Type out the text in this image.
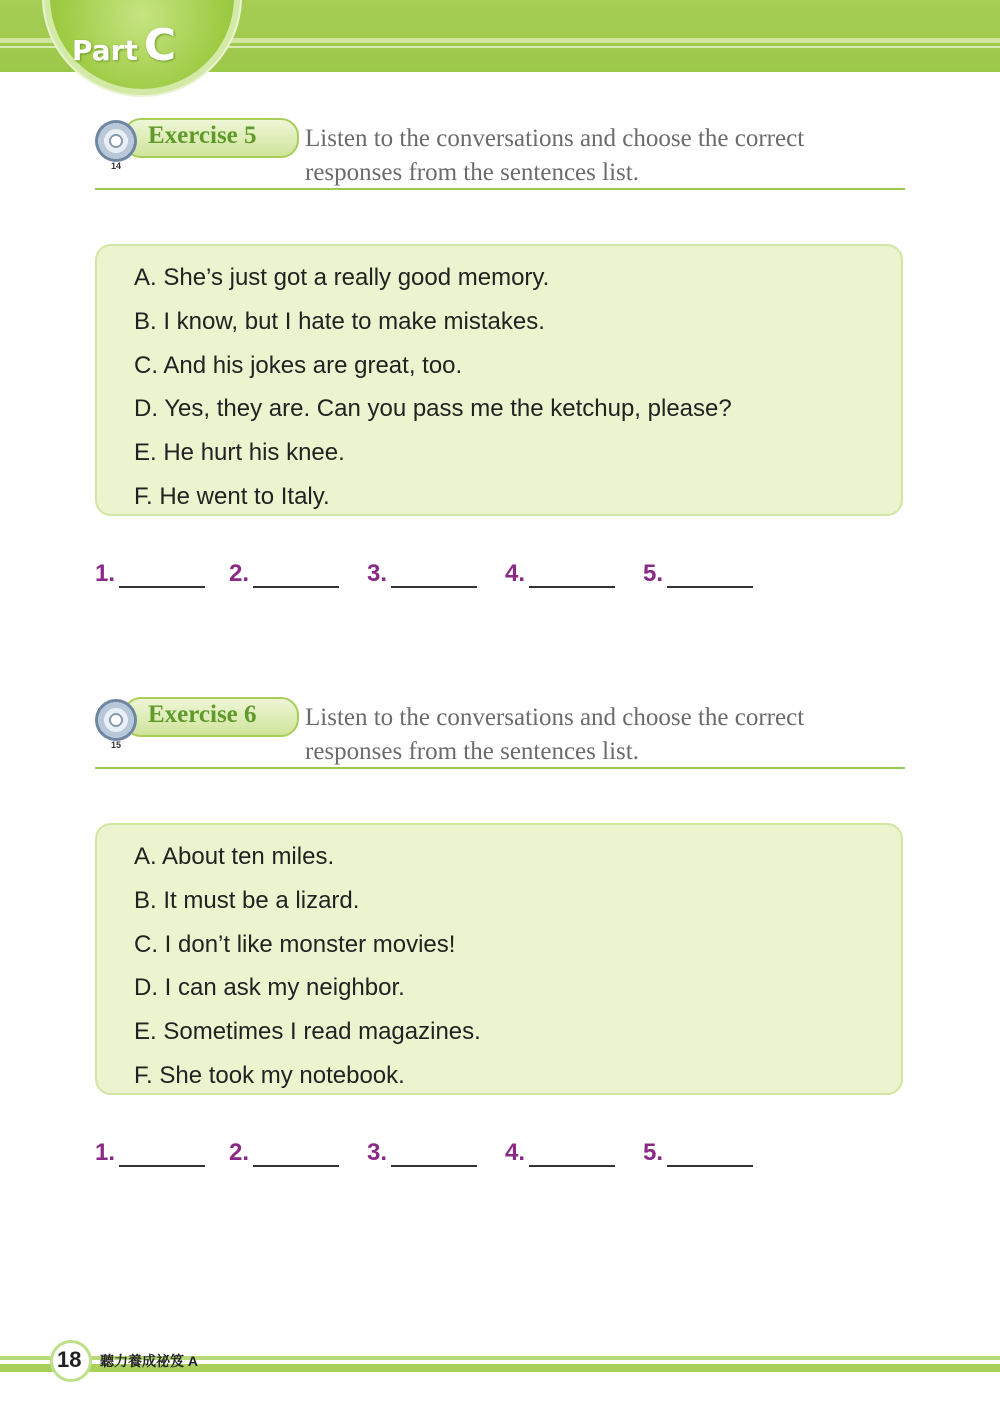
Part C
Exercise 5
14
Listen to the conversations and choose the correct
responses from the sentences list.
A. She’s just got a really good memory.
B. I know, but I hate to make mistakes.
C. And his jokes are great, too.
D. Yes, they are. Can you pass me the ketchup, please?
E. He hurt his knee.
F. He went to Italy.
1.	2.	3.	4.	5.
Exercise 6
15
Listen to the conversations and choose the correct
responses from the sentences list.
A. About ten miles.
B. It must be a lizard.
C. I don’t like monster movies!
D. I can ask my neighbor.
E. Sometimes I read magazines.
F. She took my notebook.
1.	2.	3.	4.	5.
18 聽力養成祕笈 A
